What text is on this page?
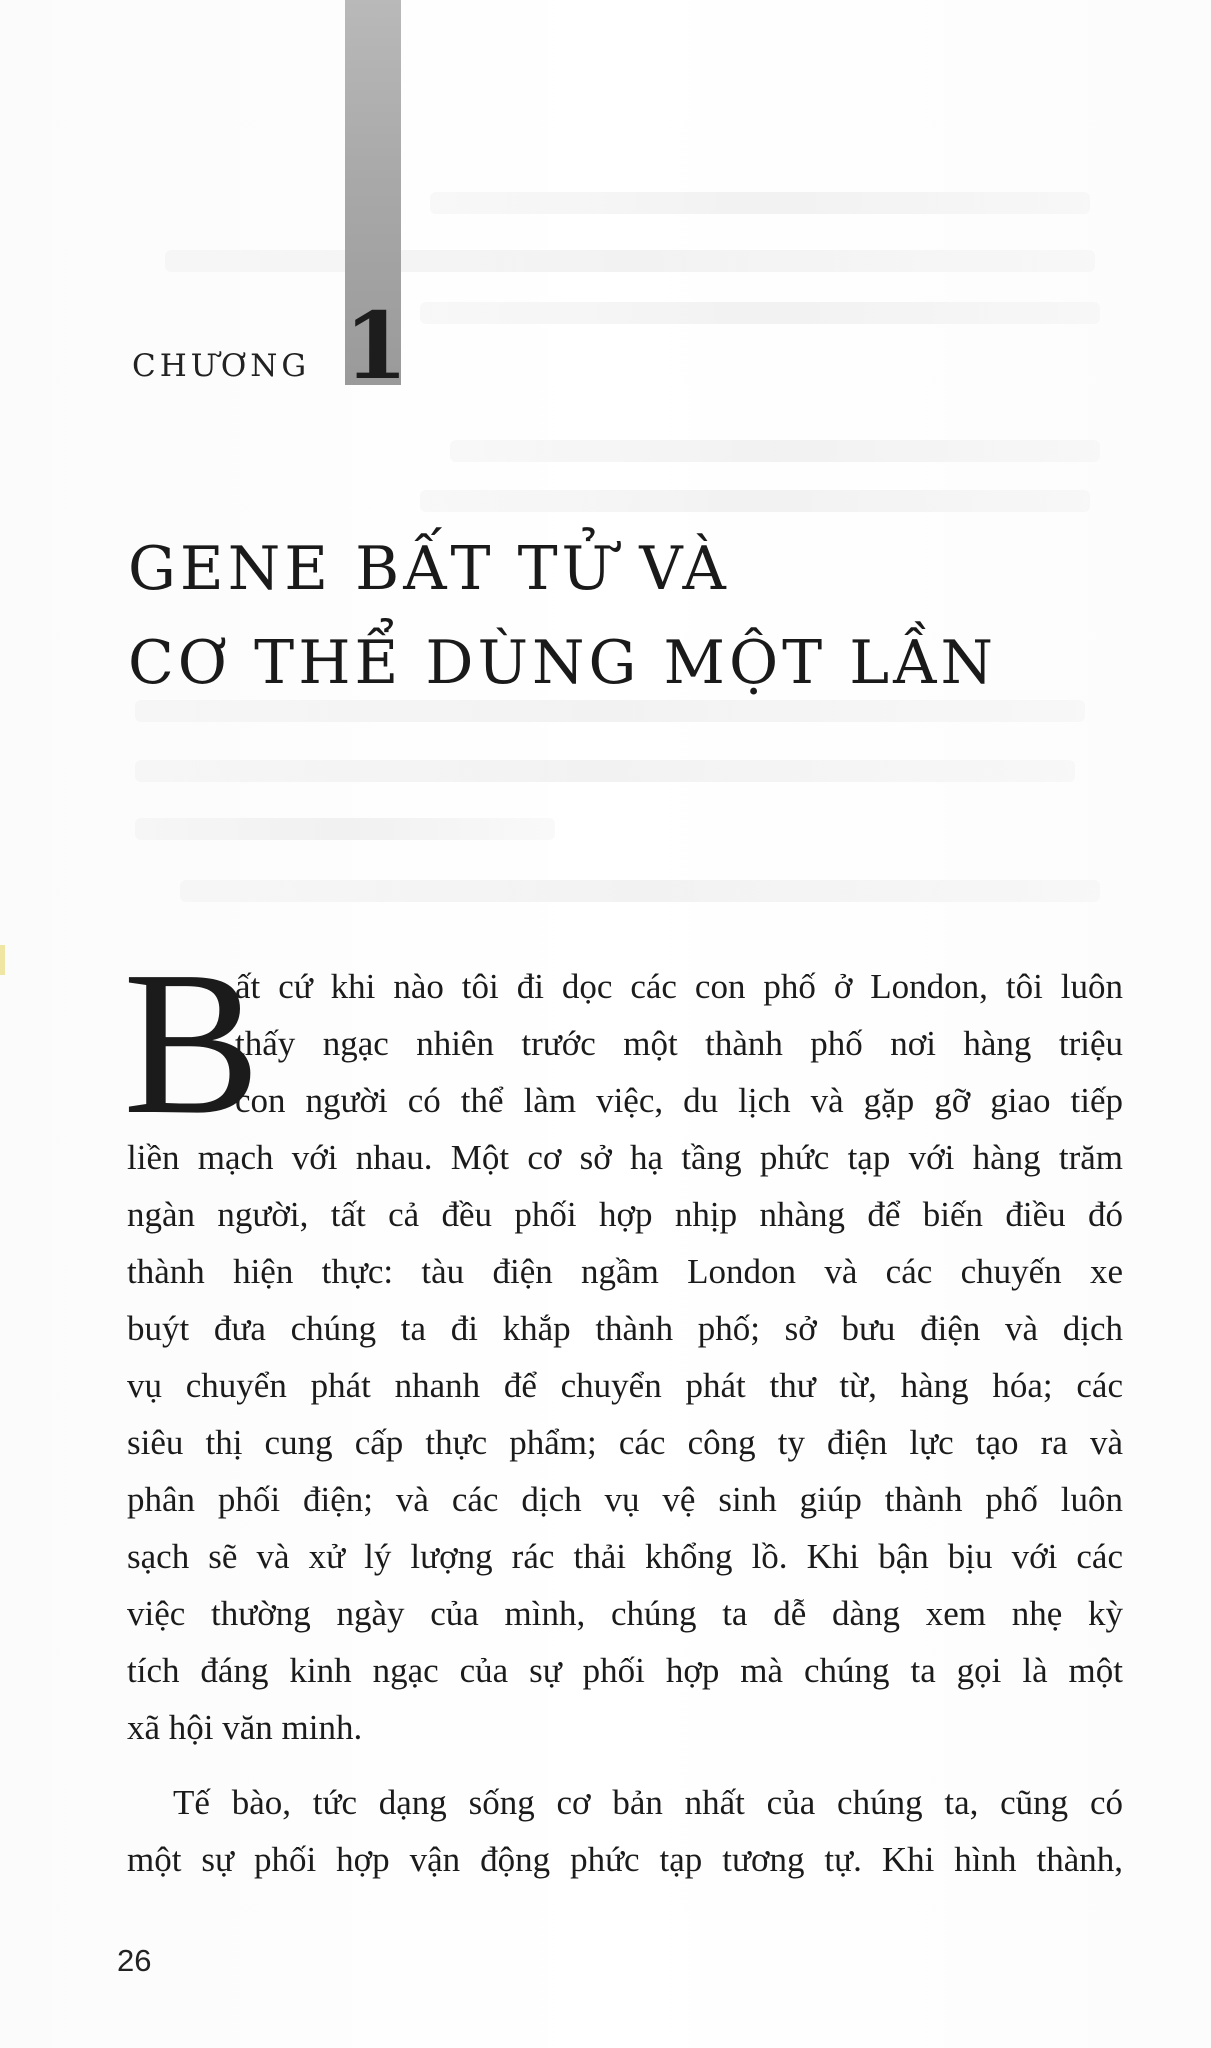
CHƯƠNG 1
GENE BẤT TỬ VÀ
CƠ THỂ DÙNG MỘT LẦN
B

ất cứ khi nào tôi đi dọc các con phố ở London, tôi luôn
thấy ngạc nhiên trước một thành phố nơi hàng triệu
con người có thể làm việc, du lịch và gặp gỡ giao tiếp
liền mạch với nhau. Một cơ sở hạ tầng phức tạp với hàng trăm
ngàn người, tất cả đều phối hợp nhịp nhàng để biến điều đó
thành hiện thực: tàu điện ngầm London và các chuyến xe
buýt đưa chúng ta đi khắp thành phố; sở bưu điện và dịch
vụ chuyển phát nhanh để chuyển phát thư từ, hàng hóa; các
siêu thị cung cấp thực phẩm; các công ty điện lực tạo ra và
phân phối điện; và các dịch vụ vệ sinh giúp thành phố luôn
sạch sẽ và xử lý lượng rác thải khổng lồ. Khi bận bịu với các
việc thường ngày của mình, chúng ta dễ dàng xem nhẹ kỳ
tích đáng kinh ngạc của sự phối hợp mà chúng ta gọi là một
xã hội văn minh.

Tế bào, tức dạng sống cơ bản nhất của chúng ta, cũng có
một sự phối hợp vận động phức tạp tương tự. Khi hình thành,

26
